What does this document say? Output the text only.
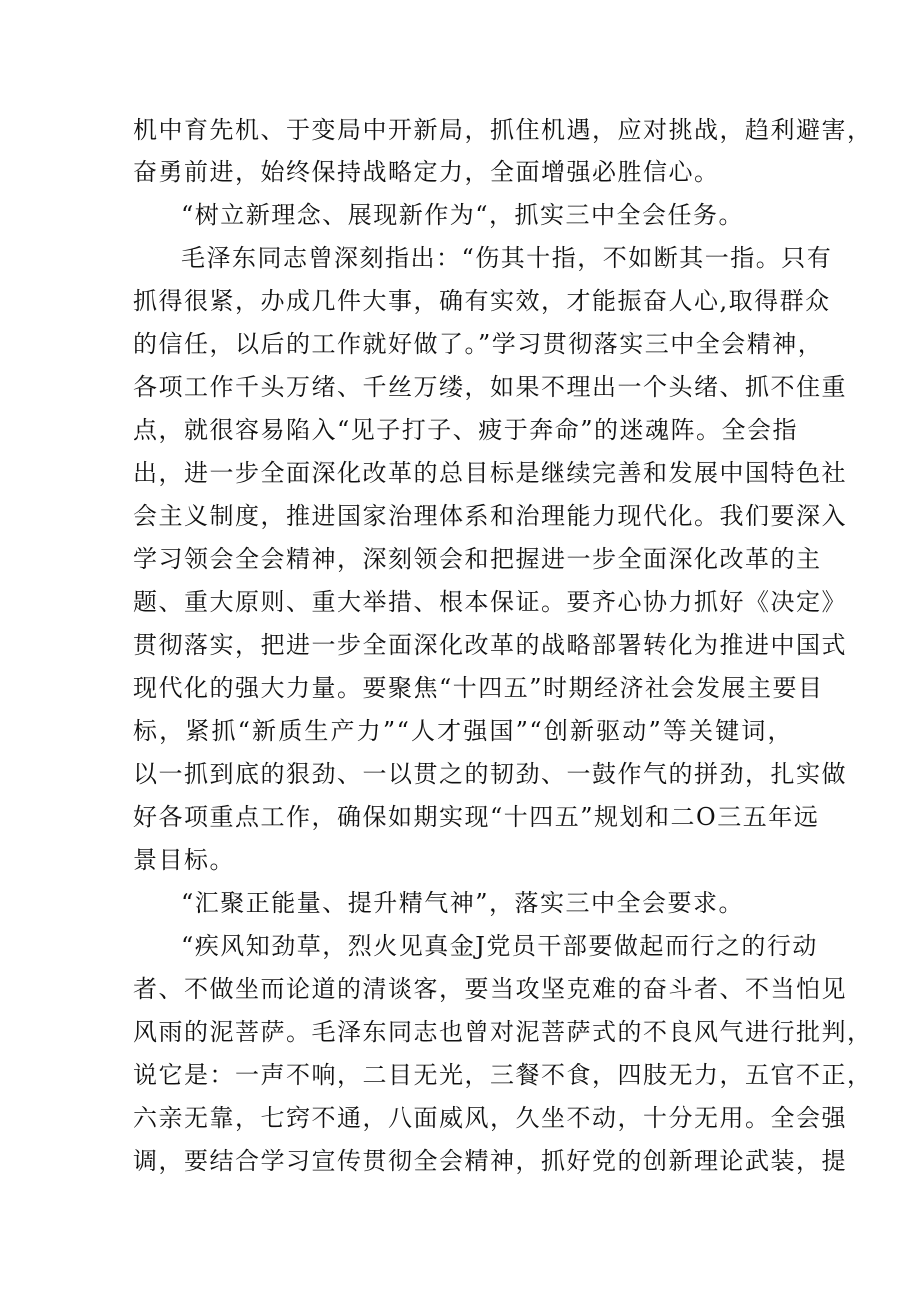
机中育先机、于变局中开新局，抓住机遇，应对挑战，趋利避害，
奋勇前进，始终保持战略定力，全面增强必胜信心。
“树立新理念、展现新作为“，抓实三中全会任务。
毛泽东同志曾深刻指出：“伤其十指，不如断其一指。只有
抓得很紧，办成几件大事，确有实效，才能振奋人心,取得群众
的信任，以后的工作就好做了。”学习贯彻落实三中全会精神，
各项工作千头万绪、千丝万缕，如果不理出一个头绪、抓不住重
点，就很容易陷入“见子打子、疲于奔命”的迷魂阵。全会指
出，进一步全面深化改革的总目标是继续完善和发展中国特色社
会主义制度，推进国家治理体系和治理能力现代化。我们要深入
学习领会全会精神，深刻领会和把握进一步全面深化改革的主
题、重大原则、重大举措、根本保证。要齐心协力抓好《决定》
贯彻落实，把进一步全面深化改革的战略部署转化为推进中国式
现代化的强大力量。要聚焦“十四五”时期经济社会发展主要目
标，紧抓“新质生产力”“人才强国”“创新驱动”等关键词，
以一抓到底的狠劲、一以贯之的韧劲、一鼓作气的拼劲，扎实做
好各项重点工作，确保如期实现“十四五”规划和二O三五年远
景目标。
“汇聚正能量、提升精气神”，落实三中全会要求。
“疾风知劲草，烈火见真金J党员干部要做起而行之的行动
者、不做坐而论道的清谈客，要当攻坚克难的奋斗者、不当怕见
风雨的泥菩萨。毛泽东同志也曾对泥菩萨式的不良风气进行批判，
说它是：一声不响，二目无光，三餐不食，四肢无力，五官不正，
六亲无靠，七窍不通，八面威风，久坐不动，十分无用。全会强
调，要结合学习宣传贯彻全会精神，抓好党的创新理论武装，提
